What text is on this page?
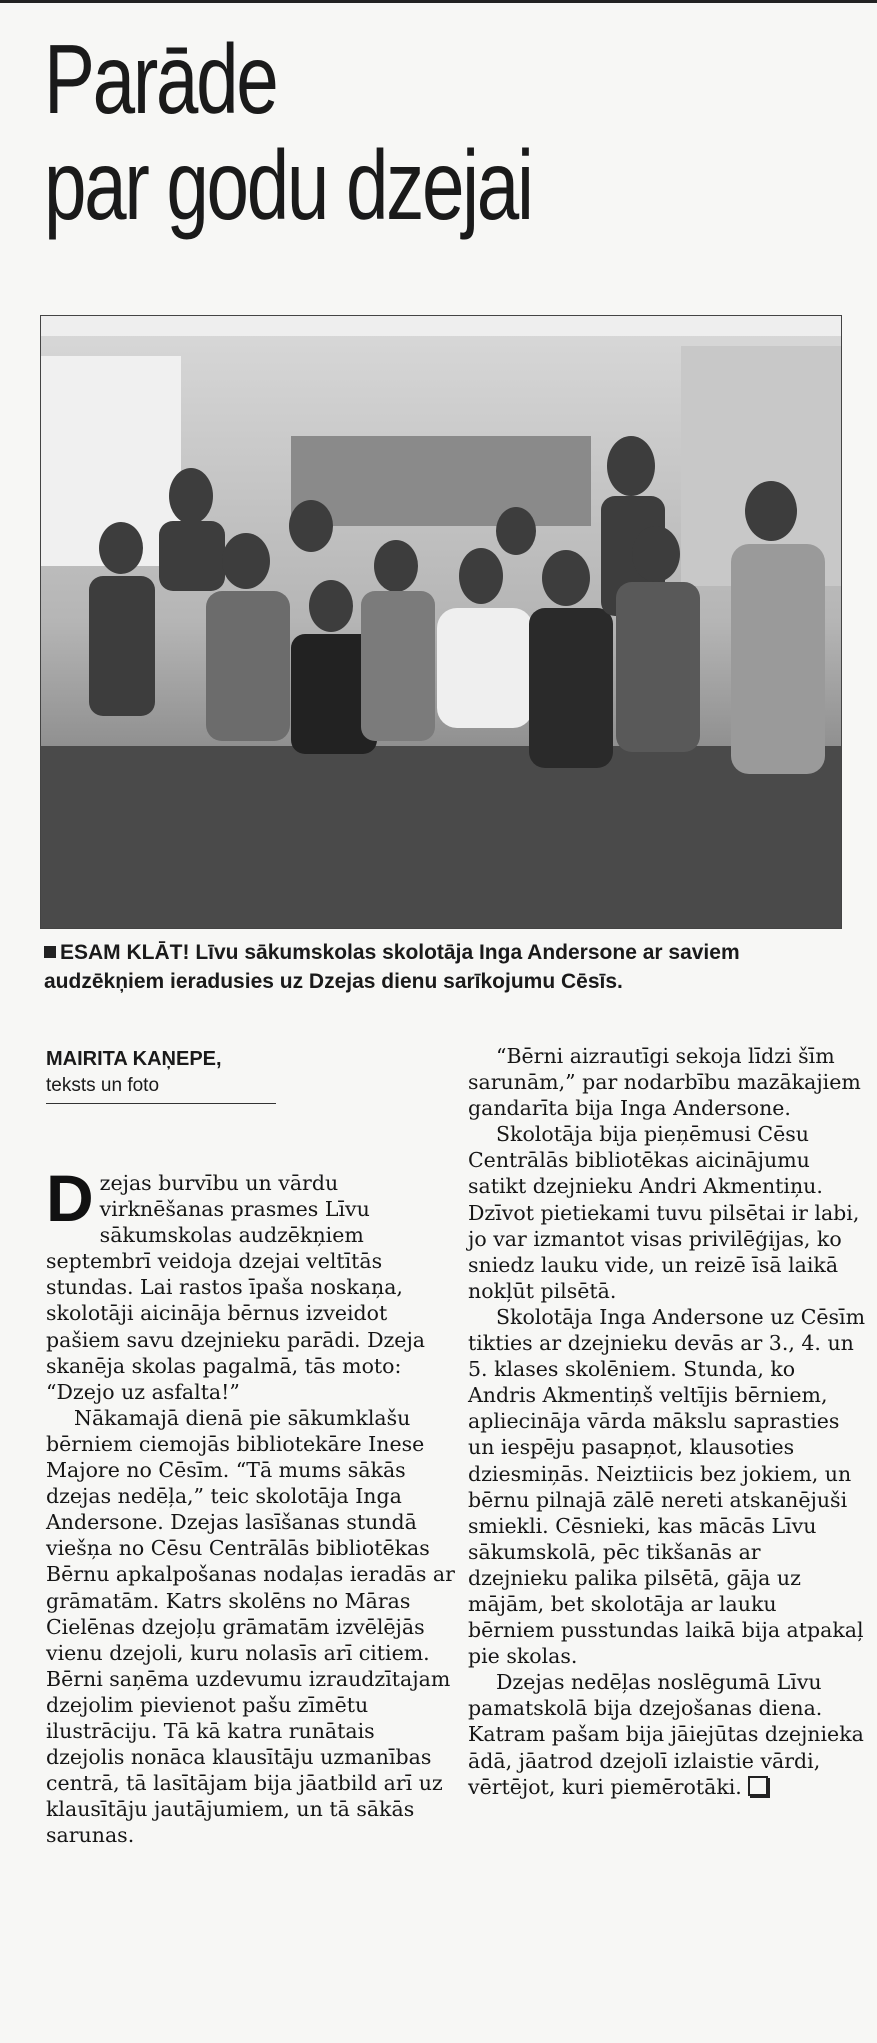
Parāde
par godu dzejai
ESAM KLĀT! Līvu sākumskolas skolotāja Inga Andersone ar saviem audzēkņiem ieradusies uz Dzejas dienu sarīkojumu Cēsīs.
MAIRITA KAŅEPE,
teksts un foto

Dzejas burvību un vārdu virknēšanas prasmes Līvu sākumskolas audzēkņiem septembrī veidoja dzejai veltītās stundas. Lai rastos īpaša noskaņa, skolotāji aicināja bērnus izveidot pašiem savu dzejnieku parādi. Dzeja skanēja skolas pagalmā, tās moto: “Dzejo uz asfalta!”

Nākamajā dienā pie sākumklašu bērniem ciemojās bibliotekāre Inese Majore no Cēsīm. “Tā mums sākās dzejas nedēļa,” teic skolotāja Inga Andersone. Dzejas lasīšanas stundā viešņa no Cēsu Centrālās bibliotēkas Bērnu apkalpošanas nodaļas ieradās ar grāmatām. Katrs skolēns no Māras Cielēnas dzejoļu grāmatām izvēlējās vienu dzejoli, kuru nolasīs arī citiem. Bērni saņēma uzdevumu izraudzītajam dzejolim pievienot pašu zīmētu ilustrāciju. Tā kā katra runātais dzejolis nonāca klausītāju uzmanības centrā, tā lasītājam bija jāatbild arī uz klausītāju jautājumiem, un tā sākās sarunas.

“Bērni aizrautīgi sekoja līdzi šīm sarunām,” par nodarbību mazākajiem gandarīta bija Inga Andersone.

Skolotāja bija pieņēmusi Cēsu Centrālās bibliotēkas aicinājumu satikt dzejnieku Andri Akmentiņu. Dzīvot pietiekami tuvu pilsētai ir labi, jo var izmantot visas privilēģijas, ko sniedz lauku vide, un reizē īsā laikā nokļūt pilsētā.

Skolotāja Inga Andersone uz Cēsīm tikties ar dzejnieku devās ar 3., 4. un 5. klases skolēniem. Stunda, ko Andris Akmentiņš veltījis bērniem, apliecināja vārda mākslu saprasties un iespēju pasapņot, klausoties dziesmiņās. Neiztiicis bez jokiem, un bērnu pilnajā zālē nereti atskanējuši smiekli. Cēsnieki, kas mācās Līvu sākumskolā, pēc tikšanās ar dzejnieku palika pilsētā, gāja uz mājām, bet skolotāja ar lauku bērniem pusstundas laikā bija atpakaļ pie skolas.

Dzejas nedēļas noslēgumā Līvu pamatskolā bija dzejošanas diena. Katram pašam bija jāiejūtas dzejnieka ādā, jāatrod dzejolī izlaistie vārdi, vērtējot, kuri piemērotāki.
